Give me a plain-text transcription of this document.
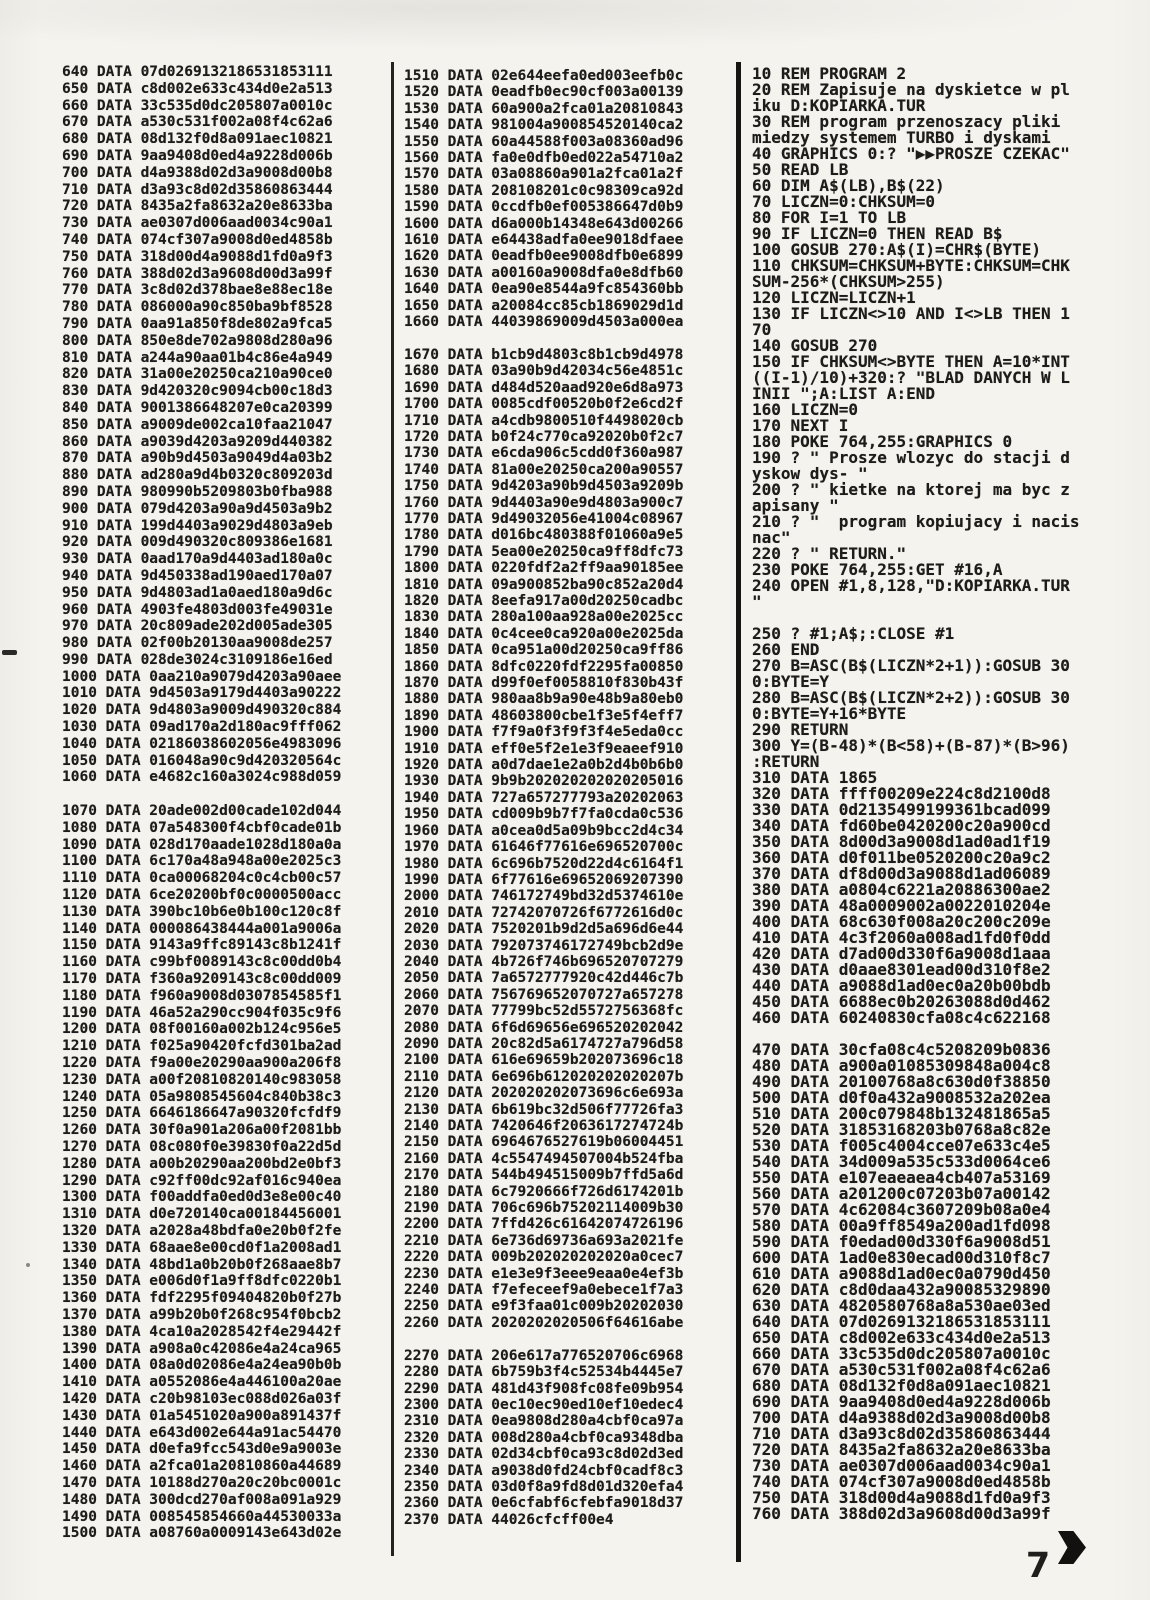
640 DATA 07d0269132186531853111
650 DATA c8d002e633c434d0e2a513
660 DATA 33c535d0dc205807a0010c
670 DATA a530c531f002a08f4c62a6
680 DATA 08d132f0d8a091aec10821
690 DATA 9aa9408d0ed4a9228d006b
700 DATA d4a9388d02d3a9008d00b8
710 DATA d3a93c8d02d35860863444
720 DATA 8435a2fa8632a20e8633ba
730 DATA ae0307d006aad0034c90a1
740 DATA 074cf307a9008d0ed4858b
750 DATA 318d00d4a9088d1fd0a9f3
760 DATA 388d02d3a9608d00d3a99f
770 DATA 3c8d02d378bae8e88ec18e
780 DATA 086000a90c850ba9bf8528
790 DATA 0aa91a850f8de802a9fca5
800 DATA 850e8de702a9808d280a96
810 DATA a244a90aa01b4c86e4a949
820 DATA 31a00e20250ca210a90ce0
830 DATA 9d420320c9094cb00c18d3
840 DATA 9001386648207e0ca20399
850 DATA a9009de002ca10faa21047
860 DATA a9039d4203a9209d440382
870 DATA a90b9d4503a9049d4a03b2
880 DATA ad280a9d4b0320c809203d
890 DATA 980990b5209803b0fba988
900 DATA 079d4203a90a9d4503a9b2
910 DATA 199d4403a9029d4803a9eb
920 DATA 009d490320c809386e1681
930 DATA 0aad170a9d4403ad180a0c
940 DATA 9d450338ad190aed170a07
950 DATA 9d4803ad1a0aed180a9d6c
960 DATA 4903fe4803d003fe49031e
970 DATA 20c809ade202d005ade305
980 DATA 02f00b20130aa9008de257
990 DATA 028de3024c3109186e16ed
1000 DATA 0aa210a9079d4203a90aee
1010 DATA 9d4503a9179d4403a90222
1020 DATA 9d4803a9009d490320c884
1030 DATA 09ad170a2d180ac9fff062
1040 DATA 02186038602056e4983096
1050 DATA 016048a90c9d420320564c
1060 DATA e4682c160a3024c988d059

1070 DATA 20ade002d00cade102d044
1080 DATA 07a548300f4cbf0cade01b
1090 DATA 028d170aade1028d180a0a
1100 DATA 6c170a48a948a00e2025c3
1110 DATA 0ca00068204c0c4cb00c57
1120 DATA 6ce20200bf0c0000500acc
1130 DATA 390bc10b6e0b100c120c8f
1140 DATA 000086438444a001a9006a
1150 DATA 9143a9ffc89143c8b1241f
1160 DATA c99bf0089143c8c00dd0b4
1170 DATA f360a9209143c8c00dd009
1180 DATA f960a9008d0307854585f1
1190 DATA 46a52a290cc904f035c9f6
1200 DATA 08f00160a002b124c956e5
1210 DATA f025a90420fcfd301ba2ad
1220 DATA f9a00e20290aa900a206f8
1230 DATA a00f20810820140c983058
1240 DATA 05a9808545604c840b38c3
1250 DATA 6646186647a90320fcfdf9
1260 DATA 30f0a901a206a00f2081bb
1270 DATA 08c080f0e39830f0a22d5d
1280 DATA a00b20290aa200bd2e0bf3
1290 DATA c92ff00dc92af016c940ea
1300 DATA f00addfa0ed0d3e8e00c40
1310 DATA d0e720140ca00184456001
1320 DATA a2028a48bdfa0e20b0f2fe
1330 DATA 68aae8e00cd0f1a2008ad1
1340 DATA 48bd1a0b20b0f268aae8b7
1350 DATA e006d0f1a9ff8dfc0220b1
1360 DATA fdf2295f09404820b0f27b
1370 DATA a99b20b0f268c954f0bcb2
1380 DATA 4ca10a2028542f4e29442f
1390 DATA a908a0c42086e4a24ca965
1400 DATA 08a0d02086e4a24ea90b0b
1410 DATA a0552086e4a446100a20ae
1420 DATA c20b98103ec088d026a03f
1430 DATA 01a5451020a900a891437f
1440 DATA e643d002e644a91ac54470
1450 DATA d0efa9fcc543d0e9a9003e
1460 DATA a2fca01a20810860a44689
1470 DATA 10188d270a20c20bc0001c
1480 DATA 300dcd270af008a091a929
1490 DATA 008545854660a44530033a
1500 DATA a08760a0009143e643d02e
1510 DATA 02e644eefa0ed003eefb0c
1520 DATA 0eadfb0ec90cf003a00139
1530 DATA 60a900a2fca01a20810843
1540 DATA 981004a900854520140ca2
1550 DATA 60a44588f003a08360ad96
1560 DATA fa0e0dfb0ed022a54710a2
1570 DATA 03a08860a901a2fca01a2f
1580 DATA 208108201c0c98309ca92d
1590 DATA 0ccdfb0ef005386647d0b9
1600 DATA d6a000b14348e643d00266
1610 DATA e64438adfa0ee9018dfaee
1620 DATA 0eadfb0ee9008dfb0e6899
1630 DATA a00160a9008dfa0e8dfb60
1640 DATA 0ea90e8544a9fc854360bb
1650 DATA a20084cc85cb1869029d1d
1660 DATA 44039869009d4503a000ea

1670 DATA b1cb9d4803c8b1cb9d4978
1680 DATA 03a90b9d42034c56e4851c
1690 DATA d484d520aad920e6d8a973
1700 DATA 0085cdf00520b0f2e6cd2f
1710 DATA a4cdb9800510f4498020cb
1720 DATA b0f24c770ca92020b0f2c7
1730 DATA e6cda906c5cdd0f360a987
1740 DATA 81a00e20250ca200a90557
1750 DATA 9d4203a90b9d4503a9209b
1760 DATA 9d4403a90e9d4803a900c7
1770 DATA 9d49032056e41004c08967
1780 DATA d016bc480388f01060a9e5
1790 DATA 5ea00e20250ca9ff8dfc73
1800 DATA 0220fdf2a2ff9aa90185ee
1810 DATA 09a900852ba90c852a20d4
1820 DATA 8eefa917a00d20250cadbc
1830 DATA 280a100aa928a00e2025cc
1840 DATA 0c4cee0ca920a00e2025da
1850 DATA 0ca951a00d20250ca9ff86
1860 DATA 8dfc0220fdf2295fa00850
1870 DATA d99f0ef0058810f830b43f
1880 DATA 980aa8b9a90e48b9a80eb0
1890 DATA 48603800cbe1f3e5f4eff7
1900 DATA f7f9a0f3f9f3f4e5eda0cc
1910 DATA eff0e5f2e1e3f9eaeef910
1920 DATA a0d7dae1e2a0b2d4b0b6b0
1930 DATA 9b9b202020202020205016
1940 DATA 727a657277793a20202063
1950 DATA cd009b9b7f7fa0cda0c536
1960 DATA a0cea0d5a09b9bcc2d4c34
1970 DATA 61646f77616e696520700c
1980 DATA 6c696b7520d22d4c6164f1
1990 DATA 6f77616e69652069207390
2000 DATA 746172749bd32d5374610e
2010 DATA 72742070726f6772616d0c
2020 DATA 7520201b9d2d5a696d6e44
2030 DATA 792073746172749bcb2d9e
2040 DATA 4b726f746b696520707279
2050 DATA 7a6572777920c42d446c7b
2060 DATA 756769652070727a657278
2070 DATA 77799bc52d5572756368fc
2080 DATA 6f6d69656e696520202042
2090 DATA 20c82d5a6174727a796d58
2100 DATA 616e69659b202073696c18
2110 DATA 6e696b612020202020207b
2120 DATA 202020202073696c6e693a
2130 DATA 6b619bc32d506f77726fa3
2140 DATA 7420646f2063617274724b
2150 DATA 6964676527619b06004451
2160 DATA 4c5547494507004b524fba
2170 DATA 544b494515009b7ffd5a6d
2180 DATA 6c7920666f726d6174201b
2190 DATA 706c696b75202114009b30
2200 DATA 7ffd426c61642074726196
2210 DATA 6e736d69736a693a2021fe
2220 DATA 009b202020202020a0cec7
2230 DATA e1e3e9f3eee9eaa0e4ef3b
2240 DATA f7efeceef9a0ebece1f7a3
2250 DATA e9f3faa01c009b20202030
2260 DATA 2020202020506f64616abe

2270 DATA 206e617a776520706c6968
2280 DATA 6b759b3f4c52534b4445e7
2290 DATA 481d43f908fc08fe09b954
2300 DATA 0ec10ec90ed10ef10edec4
2310 DATA 0ea9808d280a4cbf0ca97a
2320 DATA 008d280a4cbf0ca9348dba
2330 DATA 02d34cbf0ca93c8d02d3ed
2340 DATA a9038d0fd24cbf0cadf8c3
2350 DATA 03d0f8a9fd8d01d320efa4
2360 DATA 0e6cfabf6cfebfa9018d37
2370 DATA 44026cfcff00e4
10 REM PROGRAM 2
20 REM Zapisuje na dyskietce w pl
iku D:KOPIARKA.TUR
30 REM program przenoszacy pliki
miedzy systemem TURBO i dyskami
40 GRAPHICS 0:? "▶▶PROSZE CZEKAC"
50 READ LB
60 DIM A$(LB),B$(22)
70 LICZN=0:CHKSUM=0
80 FOR I=1 TO LB
90 IF LICZN=0 THEN READ B$
100 GOSUB 270:A$(I)=CHR$(BYTE)
110 CHKSUM=CHKSUM+BYTE:CHKSUM=CHK
SUM-256*(CHKSUM>255)
120 LICZN=LICZN+1
130 IF LICZN<>10 AND I<>LB THEN 1
70
140 GOSUB 270
150 IF CHKSUM<>BYTE THEN A=10*INT
((I-1)/10)+320:? "BLAD DANYCH W L
INII ";A:LIST A:END
160 LICZN=0
170 NEXT I
180 POKE 764,255:GRAPHICS 0
190 ? " Prosze wlozyc do stacji d
yskow dys- "
200 ? " kietke na ktorej ma byc z
apisany "
210 ? "  program kopiujacy i nacis
nac"
220 ? " RETURN."
230 POKE 764,255:GET #16,A
240 OPEN #1,8,128,"D:KOPIARKA.TUR
"

250 ? #1;A$;:CLOSE #1
260 END
270 B=ASC(B$(LICZN*2+1)):GOSUB 30
0:BYTE=Y
280 B=ASC(B$(LICZN*2+2)):GOSUB 30
0:BYTE=Y+16*BYTE
290 RETURN
300 Y=(B-48)*(B<58)+(B-87)*(B>96)
:RETURN
310 DATA 1865
320 DATA ffff00209e224c8d2100d8
330 DATA 0d2135499199361bcad099
340 DATA fd60be0420200c20a900cd
350 DATA 8d00d3a9008d1ad0ad1f19
360 DATA d0f011be0520200c20a9c2
370 DATA df8d00d3a9088d1ad06089
380 DATA a0804c6221a20886300ae2
390 DATA 48a0009002a0022010204e
400 DATA 68c630f008a20c200c209e
410 DATA 4c3f2060a008ad1fd0f0dd
420 DATA d7ad00d330f6a9008d1aaa
430 DATA d0aae8301ead00d310f8e2
440 DATA a9088d1ad0ec0a20b00bdb
450 DATA 6688ec0b20263088d0d462
460 DATA 60240830cfa08c4c622168

470 DATA 30cfa08c4c5208209b0836
480 DATA a900a01085309848a004c8
490 DATA 20100768a8c630d0f38850
500 DATA d0f0a432a9008532a202ea
510 DATA 200c079848b132481865a5
520 DATA 31853168203b0768a8c82e
530 DATA f005c4004cce07e633c4e5
540 DATA 34d009a535c533d0064ce6
550 DATA e107eaeaea4cb407a53169
560 DATA a201200c07203b07a00142
570 DATA 4c62084c3607209b08a0e4
580 DATA 00a9ff8549a200ad1fd098
590 DATA f0edad00d330f6a9008d51
600 DATA 1ad0e830ecad00d310f8c7
610 DATA a9088d1ad0ec0a0790d450
620 DATA c8d0daa432a90085329890
630 DATA 4820580768a8a530ae03ed
640 DATA 07d0269132186531853111
650 DATA c8d002e633c434d0e2a513
660 DATA 33c535d0dc205807a0010c
670 DATA a530c531f002a08f4c62a6
680 DATA 08d132f0d8a091aec10821
690 DATA 9aa9408d0ed4a9228d006b
700 DATA d4a9388d02d3a9008d00b8
710 DATA d3a93c8d02d35860863444
720 DATA 8435a2fa8632a20e8633ba
730 DATA ae0307d006aad0034c90a1
740 DATA 074cf307a9008d0ed4858b
750 DATA 318d00d4a9088d1fd0a9f3
760 DATA 388d02d3a9608d00d3a99f
7
